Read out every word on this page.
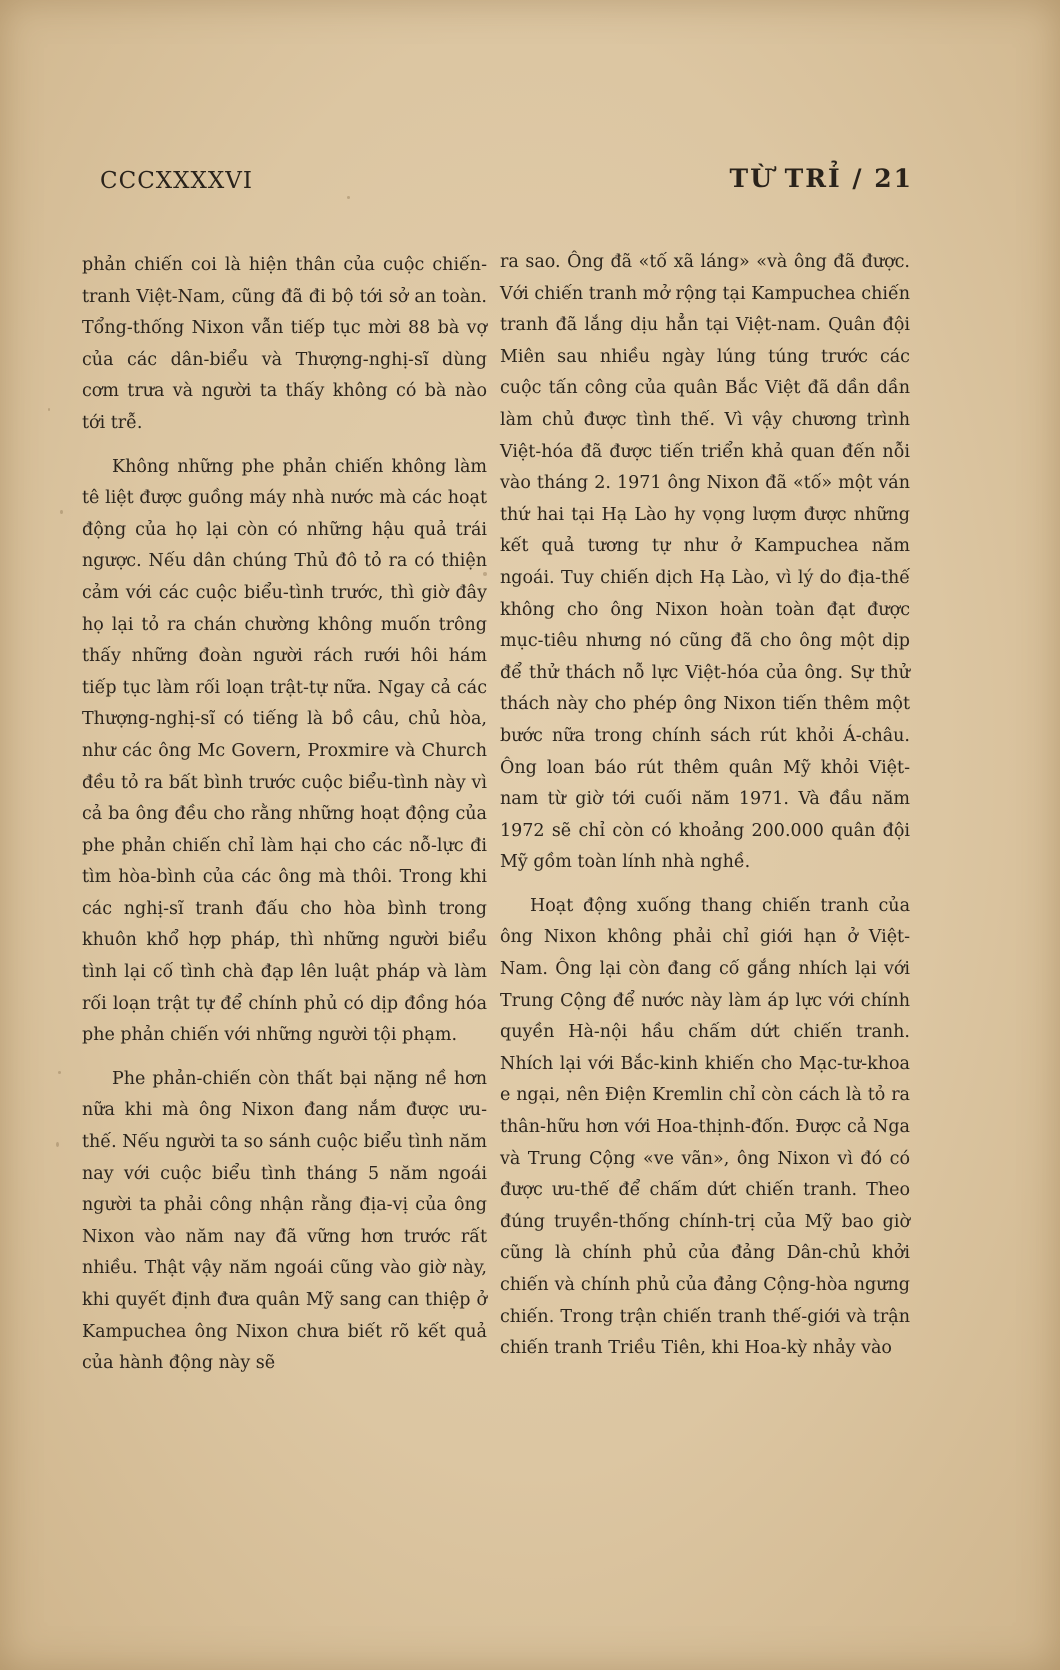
CCCXXXXVI	TỪ TRỈ / 21

phản chiến coi là hiện thân của cuộc chiến-tranh Việt-Nam, cũng đã đi bộ tới sở an toàn. Tổng-thống Nixon vẫn tiếp tục mời 88 bà vợ của các dân-biểu và Thượng-nghị-sĩ dùng cơm trưa và người ta thấy không có bà nào tới trễ.

Không những phe phản chiến không làm tê liệt được guồng máy nhà nước mà các hoạt động của họ lại còn có những hậu quả trái ngược. Nếu dân chúng Thủ đô tỏ ra có thiện cảm với các cuộc biểu-tình trước, thì giờ đây họ lại tỏ ra chán chường không muốn trông thấy những đoàn người rách rưới hôi hám tiếp tục làm rối loạn trật-tự nữa. Ngay cả các Thượng-nghị-sĩ có tiếng là bồ câu, chủ hòa, như các ông Mc Govern, Proxmire và Church đều tỏ ra bất bình trước cuộc biểu-tình này vì cả ba ông đều cho rằng những hoạt động của phe phản chiến chỉ làm hại cho các nỗ-lực đi tìm hòa-bình của các ông mà thôi. Trong khi các nghị-sĩ tranh đấu cho hòa bình trong khuôn khổ hợp pháp, thì những người biểu tình lại cố tình chà đạp lên luật pháp và làm rối loạn trật tự để chính phủ có dịp đồng hóa phe phản chiến với những người tội phạm.

Phe phản-chiến còn thất bại nặng nề hơn nữa khi mà ông Nixon đang nắm được ưu-thế. Nếu người ta so sánh cuộc biểu tình năm nay với cuộc biểu tình tháng 5 năm ngoái người ta phải công nhận rằng địa-vị của ông Nixon vào năm nay đã vững hơn trước rất nhiều. Thật vậy năm ngoái cũng vào giờ này, khi quyết định đưa quân Mỹ sang can thiệp ở Kampuchea ông Nixon chưa biết rõ kết quả của hành động này sẽ

ra sao. Ông đã «tố xã láng» «và ông đã được. Với chiến tranh mở rộng tại Kampuchea chiến tranh đã lắng dịu hẳn tại Việt-nam. Quân đội Miên sau nhiều ngày lúng túng trước các cuộc tấn công của quân Bắc Việt đã dần dần làm chủ được tình thế. Vì vậy chương trình Việt-hóa đã được tiến triển khả quan đến nỗi vào tháng 2. 1971 ông Nixon đã «tố» một ván thứ hai tại Hạ Lào hy vọng lượm được những kết quả tương tự như ở Kampuchea năm ngoái. Tuy chiến dịch Hạ Lào, vì lý do địa-thế không cho ông Nixon hoàn toàn đạt được mục-tiêu nhưng nó cũng đã cho ông một dịp để thử thách nỗ lực Việt-hóa của ông. Sự thử thách này cho phép ông Nixon tiến thêm một bước nữa trong chính sách rút khỏi Á-châu. Ông loan báo rút thêm quân Mỹ khỏi Việt-nam từ giờ tới cuối năm 1971. Và đầu năm 1972 sẽ chỉ còn có khoảng 200.000 quân đội Mỹ gồm toàn lính nhà nghề.

Hoạt động xuống thang chiến tranh của ông Nixon không phải chỉ giới hạn ở Việt-Nam. Ông lại còn đang cố gắng nhích lại với Trung Cộng để nước này làm áp lực với chính quyền Hà-nội hầu chấm dứt chiến tranh. Nhích lại với Bắc-kinh khiến cho Mạc-tư-khoa e ngại, nên Điện Kremlin chỉ còn cách là tỏ ra thân-hữu hơn với Hoa-thịnh-đốn. Được cả Nga và Trung Cộng «ve vãn», ông Nixon vì đó có được ưu-thế để chấm dứt chiến tranh. Theo đúng truyền-thống chính-trị của Mỹ bao giờ cũng là chính phủ của đảng Dân-chủ khởi chiến và chính phủ của đảng Cộng-hòa ngưng chiến. Trong trận chiến tranh thế-giới và trận chiến tranh Triều Tiên, khi Hoa-kỳ nhảy vào
